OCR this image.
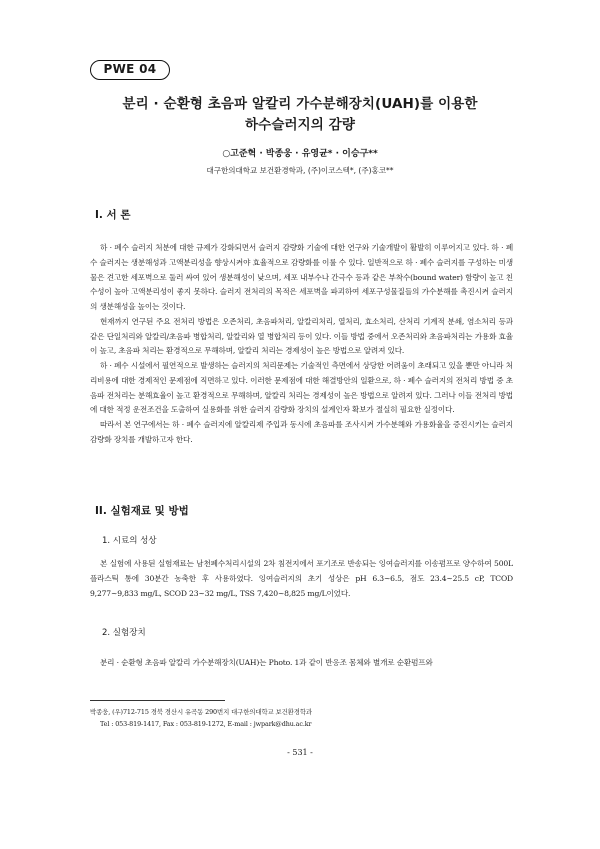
PWE 04
분리 · 순환형 초음파 알칼리 가수분해장치(UAH)를 이용한
하수슬러지의 감량
○고준혁 · 박종웅 · 유영균* · 이승구**
대구한의대학교 보건환경학과, (주)이코스텍*, (주)홍코**
I. 서 론

하 · 폐수 슬러지 처분에 대한 규제가 강화되면서 슬러지 감량화 기술에 대한 연구와 기술개발이 활발히 이루어지고 있다. 하 · 폐수 슬러지는 생분해성과 고액분리성을 향상시켜야 효율적으로 감량화를 이룰 수 있다. 일반적으로 하 · 폐수 슬러지를 구성하는 미생물은 견고한 세포벽으로 둘러 싸여 있어 생분해성이 낮으며, 세포 내부수나 간극수 등과 같은 부착수(bound water) 함량이 높고 친수성이 높아 고액분리성이 좋지 못하다. 슬러지 전처리의 목적은 세포벽을 파괴하여 세포구성물질들의 가수분해를 촉진시켜 슬러지의 생분해성을 높이는 것이다.

현재까지 연구된 주요 전처리 방법은 오존처리, 초음파처리, 알칼리처리, 열처리, 효소처리, 산처리 기계적 분쇄, 염소처리 등과 같은 단일처리와 알칼리/초음파 병합처리, 알칼리와 열 병합처리 등이 있다. 이들 방법 중에서 오존처리와 초음파처리는 가용화 효율이 높고, 초음파 처리는 환경적으로 무해하며, 알칼리 처리는 경제성이 높은 방법으로 알려져 있다.

하 · 폐수 시설에서 필연적으로 발생하는 슬러지의 처리문제는 기술적인 측면에서 상당한 어려움이 초래되고 있을 뿐만 아니라 처리비용에 대한 경제적인 문제점에 직면하고 있다. 이러한 문제점에 대한 해결방안의 일환으로, 하 · 폐수 슬러지의 전처리 방법 중 초음파 전처리는 분해효율이 높고 환경적으로 무해하며, 알칼리 처리는 경제성이 높은 방법으로 알려져 있다. 그러나 이들 전처리 방법에 대한 적정 운전조건을 도출하여 실용화를 위한 슬러지 감량화 장치의 설계인자 확보가 절실히 필요한 실정이다.

따라서 본 연구에서는 하 · 폐수 슬러지에 알칼리제 주입과 동시에 초음파를 조사시켜 가수분해와 가용화율을 증진시키는 슬러지 감량화 장치를 개발하고자 한다.

II. 실험재료 및 방법
1. 시료의 성상

본 실험에 사용된 실험재료는 남천폐수처리시설의 2차 침전지에서 포기조로 반송되는 잉여슬러지를 이송펌프로 양수하여 500L 플라스틱 통에 30분간 농축한 후 사용하였다. 잉여슬러지의 초기 성상은 pH 6.3~6.5, 점도 23.4~25.5 cP, TCOD 9,277~9,833 mg/L, SCOD 23~32 mg/L, TSS 7,420~8,825 mg/L이었다.

2. 실험장치

분리 · 순환형 초음파 알칼리 가수분해장치(UAH)는 Photo. 1과 같이 반응조 몸체와 별개로 순환펌프와

박종웅, (우)712-715 경북 경산시 유곡동 290번지 대구한의대학교 보건환경학과
Tel : 053-819-1417, Fax : 053-819-1272, E-mail : jwpark@dhu.ac.kr
- 531 -
